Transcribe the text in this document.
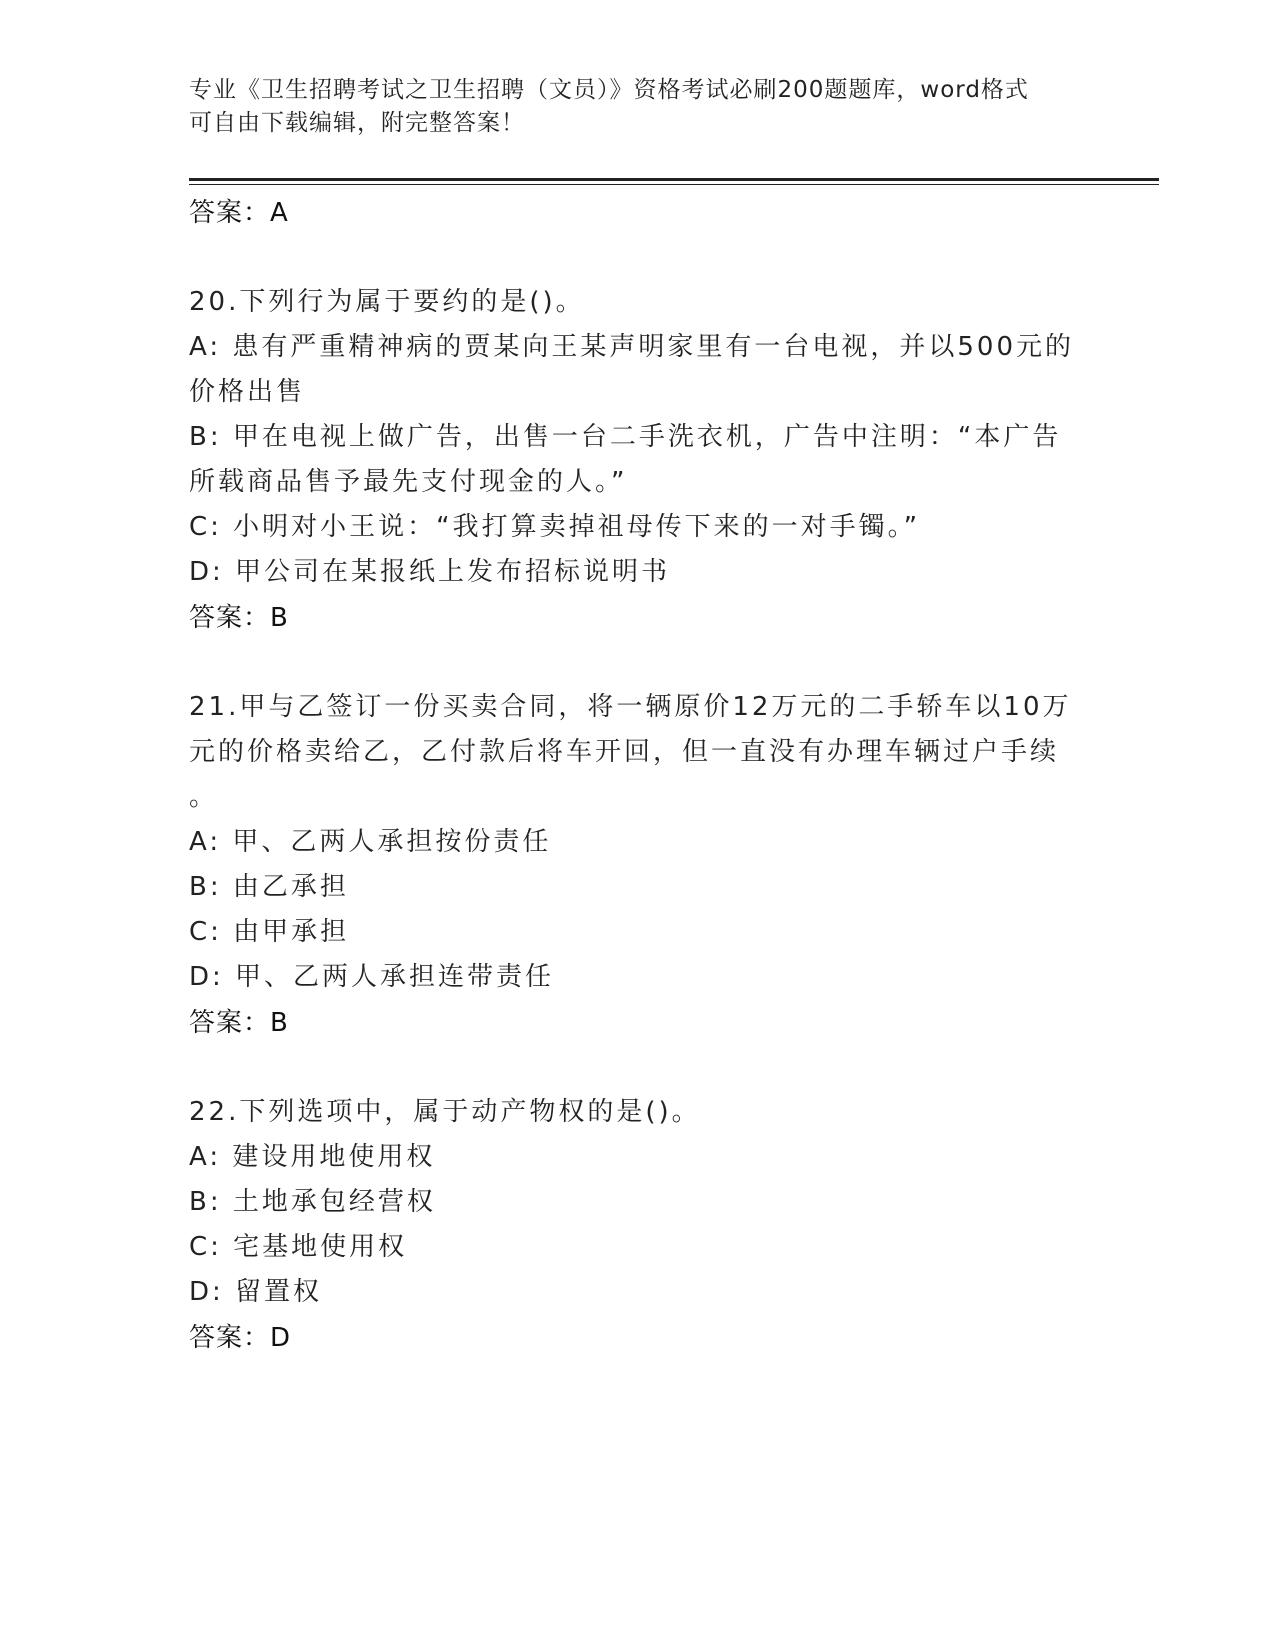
专业《卫生招聘考试之卫生招聘（文员）》资格考试必刷200题题库，word格式
可自由下载编辑，附完整答案！
答案：A
20.下列行为属于要约的是()。
A: 患有严重精神病的贾某向王某声明家里有一台电视，并以500元的
价格出售
B: 甲在电视上做广告，出售一台二手洗衣机，广告中注明：“本广告
所载商品售予最先支付现金的人。”
C: 小明对小王说：“我打算卖掉祖母传下来的一对手镯。”
D: 甲公司在某报纸上发布招标说明书
答案：B
21.甲与乙签订一份买卖合同，将一辆原价12万元的二手轿车以10万
元的价格卖给乙，乙付款后将车开回，但一直没有办理车辆过户手续
。
A: 甲、乙两人承担按份责任
B: 由乙承担
C: 由甲承担
D: 甲、乙两人承担连带责任
答案：B
22.下列选项中，属于动产物权的是()。
A: 建设用地使用权
B: 土地承包经营权
C: 宅基地使用权
D: 留置权
答案：D
